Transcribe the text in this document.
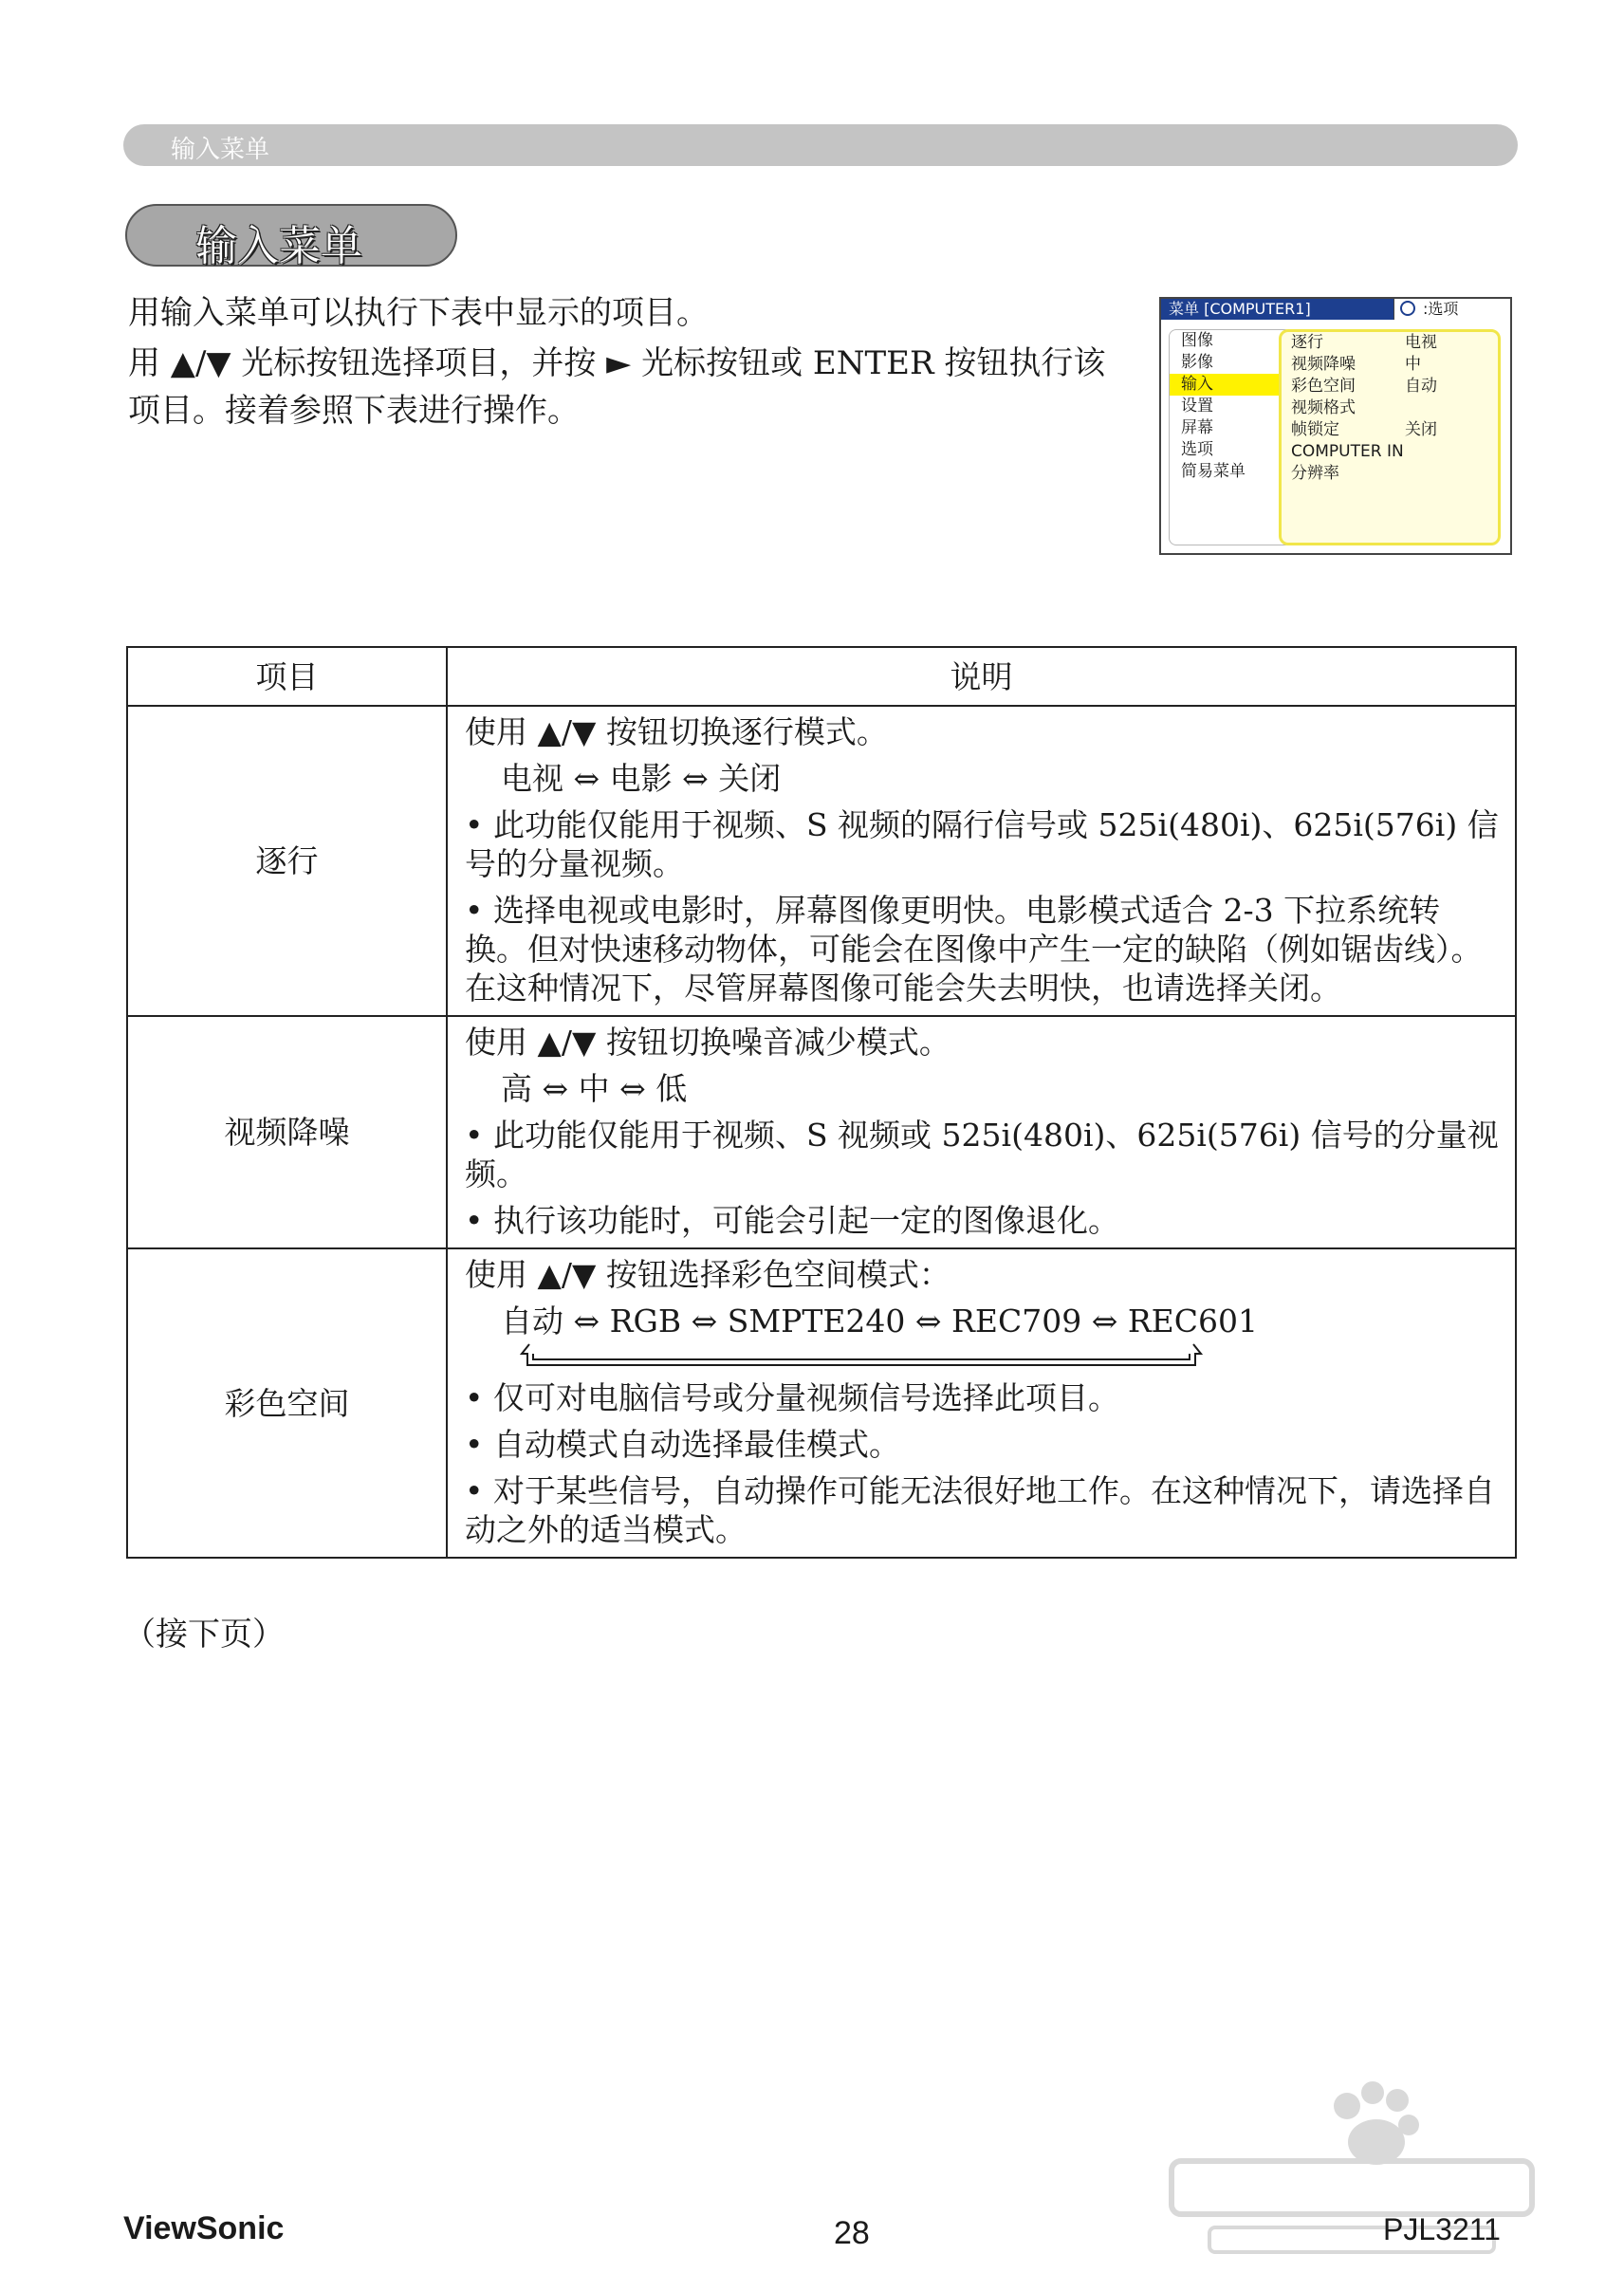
输入菜单
输入菜单

用输入菜单可以执行下表中显示的项目。

用 ▲/▼ 光标按钮选择项目，并按 ► 光标按钮或 ENTER 按钮执行该项目。接着参照下表进行操作。

菜单 [COMPUTER1]	:选项
图像
影像
输入
设置
屏幕
选项
简易菜单
逐行	电视
视频降噪	中
彩色空间	自动
视频格式
帧锁定	关闭
COMPUTER IN
分辨率
项目	说明
逐行	使用 ▲/▼ 按钮切换逐行模式。

电视 ⇔ 电影 ⇔ 关闭

• 此功能仅能用于视频、S 视频的隔行信号或 525i(480i)、625i(576i) 信号的分量视频。

• 选择电视或电影时，屏幕图像更明快。电影模式适合 2-3 下拉系统转换。但对快速移动物体，可能会在图像中产生一定的缺陷（例如锯齿线）。在这种情况下，尽管屏幕图像可能会失去明快，也请选择关闭。

视频降噪	使用 ▲/▼ 按钮切换噪音减少模式。

高 ⇔ 中 ⇔ 低

• 此功能仅能用于视频、S 视频或 525i(480i)、625i(576i) 信号的分量视频。

• 执行该功能时，可能会引起一定的图像退化。

彩色空间	使用 ▲/▼ 按钮选择彩色空间模式：

自动 ⇔ RGB ⇔ SMPTE240 ⇔ REC709 ⇔ REC601

• 仅可对电脑信号或分量视频信号选择此项目。

• 自动模式自动选择最佳模式。

• 对于某些信号，自动操作可能无法很好地工作。在这种情况下，请选择自动之外的适当模式。

（接下页）
ViewSonic	28	PJL3211
